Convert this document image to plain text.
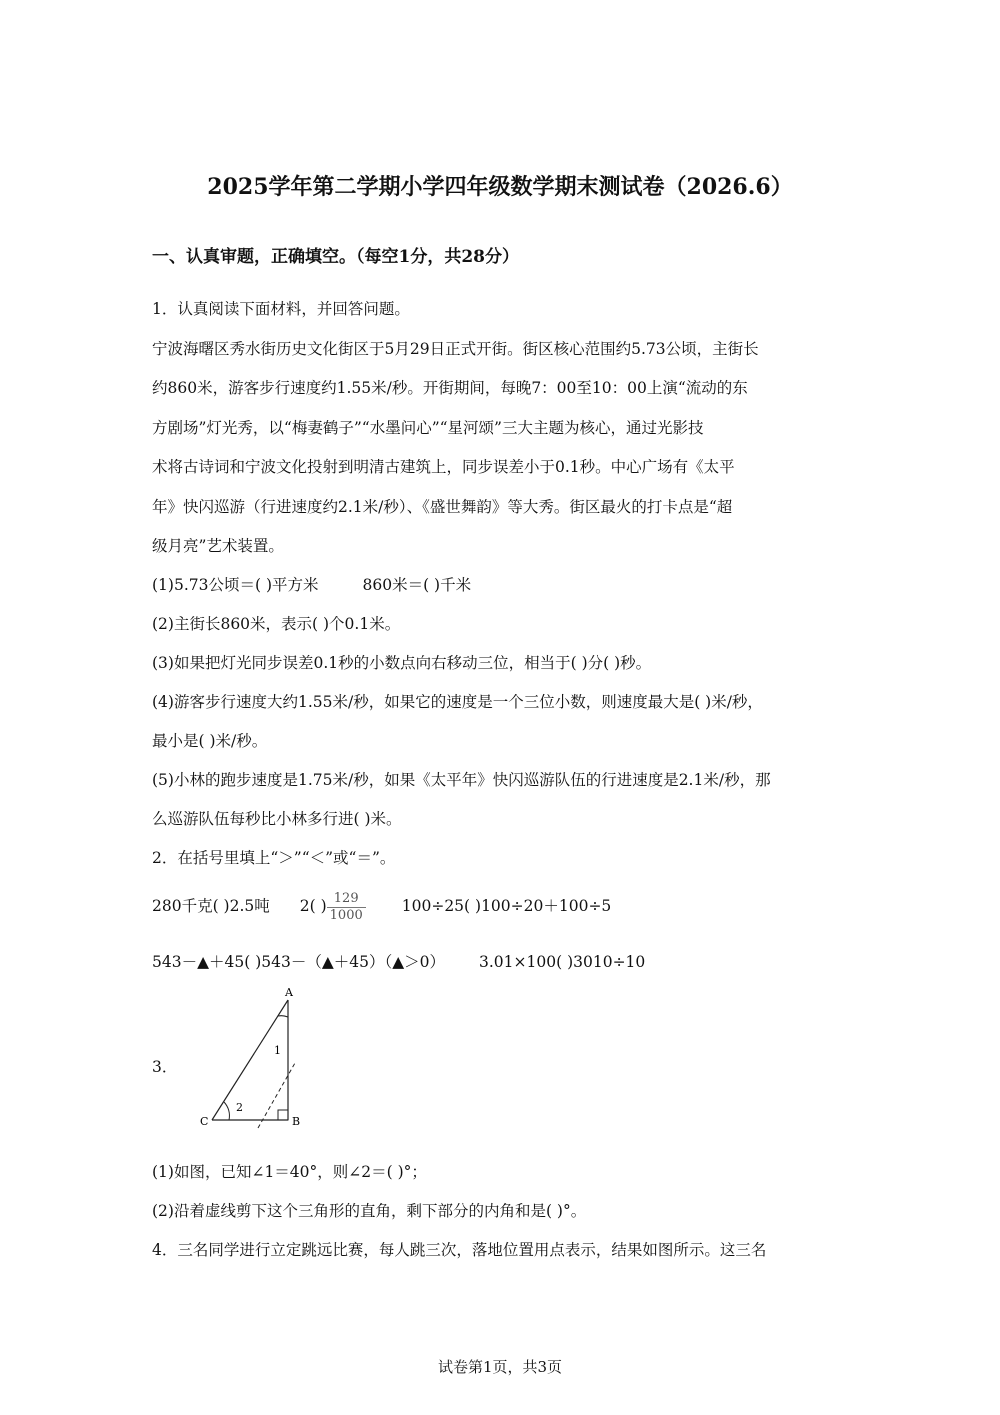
2025学年第二学期小学四年级数学期末测试卷（2026.6）
一、认真审题，正确填空。（每空1分，共28分）
1．认真阅读下面材料，并回答问题。
宁波海曙区秀水街历史文化街区于5月29日正式开街。街区核心范围约5.73公顷，主街长
约860米，游客步行速度约1.55米/秒。开街期间，每晚7：00至10：00上演“流动的东
方剧场”灯光秀，以“梅妻鹤子”“水墨问心”“星河颂”三大主题为核心，通过光影技
术将古诗词和宁波文化投射到明清古建筑上，同步误差小于0.1秒。中心广场有《太平
年》快闪巡游（行进速度约2.1米/秒）、《盛世舞韵》等大秀。街区最火的打卡点是“超
级月亮”艺术装置。
(1)5.73公顷＝( )平方米	860米＝( )千米
(2)主街长860米，表示( )个0.1米。
(3)如果把灯光同步误差0.1秒的小数点向右移动三位，相当于( )分( )秒。
(4)游客步行速度大约1.55米/秒，如果它的速度是一个三位小数，则速度最大是( )米/秒，
最小是( )米/秒。
(5)小林的跑步速度是1.75米/秒，如果《太平年》快闪巡游队伍的行进速度是2.1米/秒，那
么巡游队伍每秒比小林多行进( )米。
2．在括号里填上“＞”“＜”或“＝”。
280千克( )2.5吨 2( ) $\frac{129}{1000} 100\div 25$( )100÷20＋100÷5
543－▲＋45( )543－（▲＋45）（▲＞0） 3.01×100( )3010÷10
3．
A
B
C
1
2
(1)如图，已知∠1＝40°，则∠2＝( )°；
(2)沿着虚线剪下这个三角形的直角，剩下部分的内角和是( )°。
4．三名同学进行立定跳远比赛，每人跳三次，落地位置用点表示，结果如图所示。这三名
试卷第1页，共3页
